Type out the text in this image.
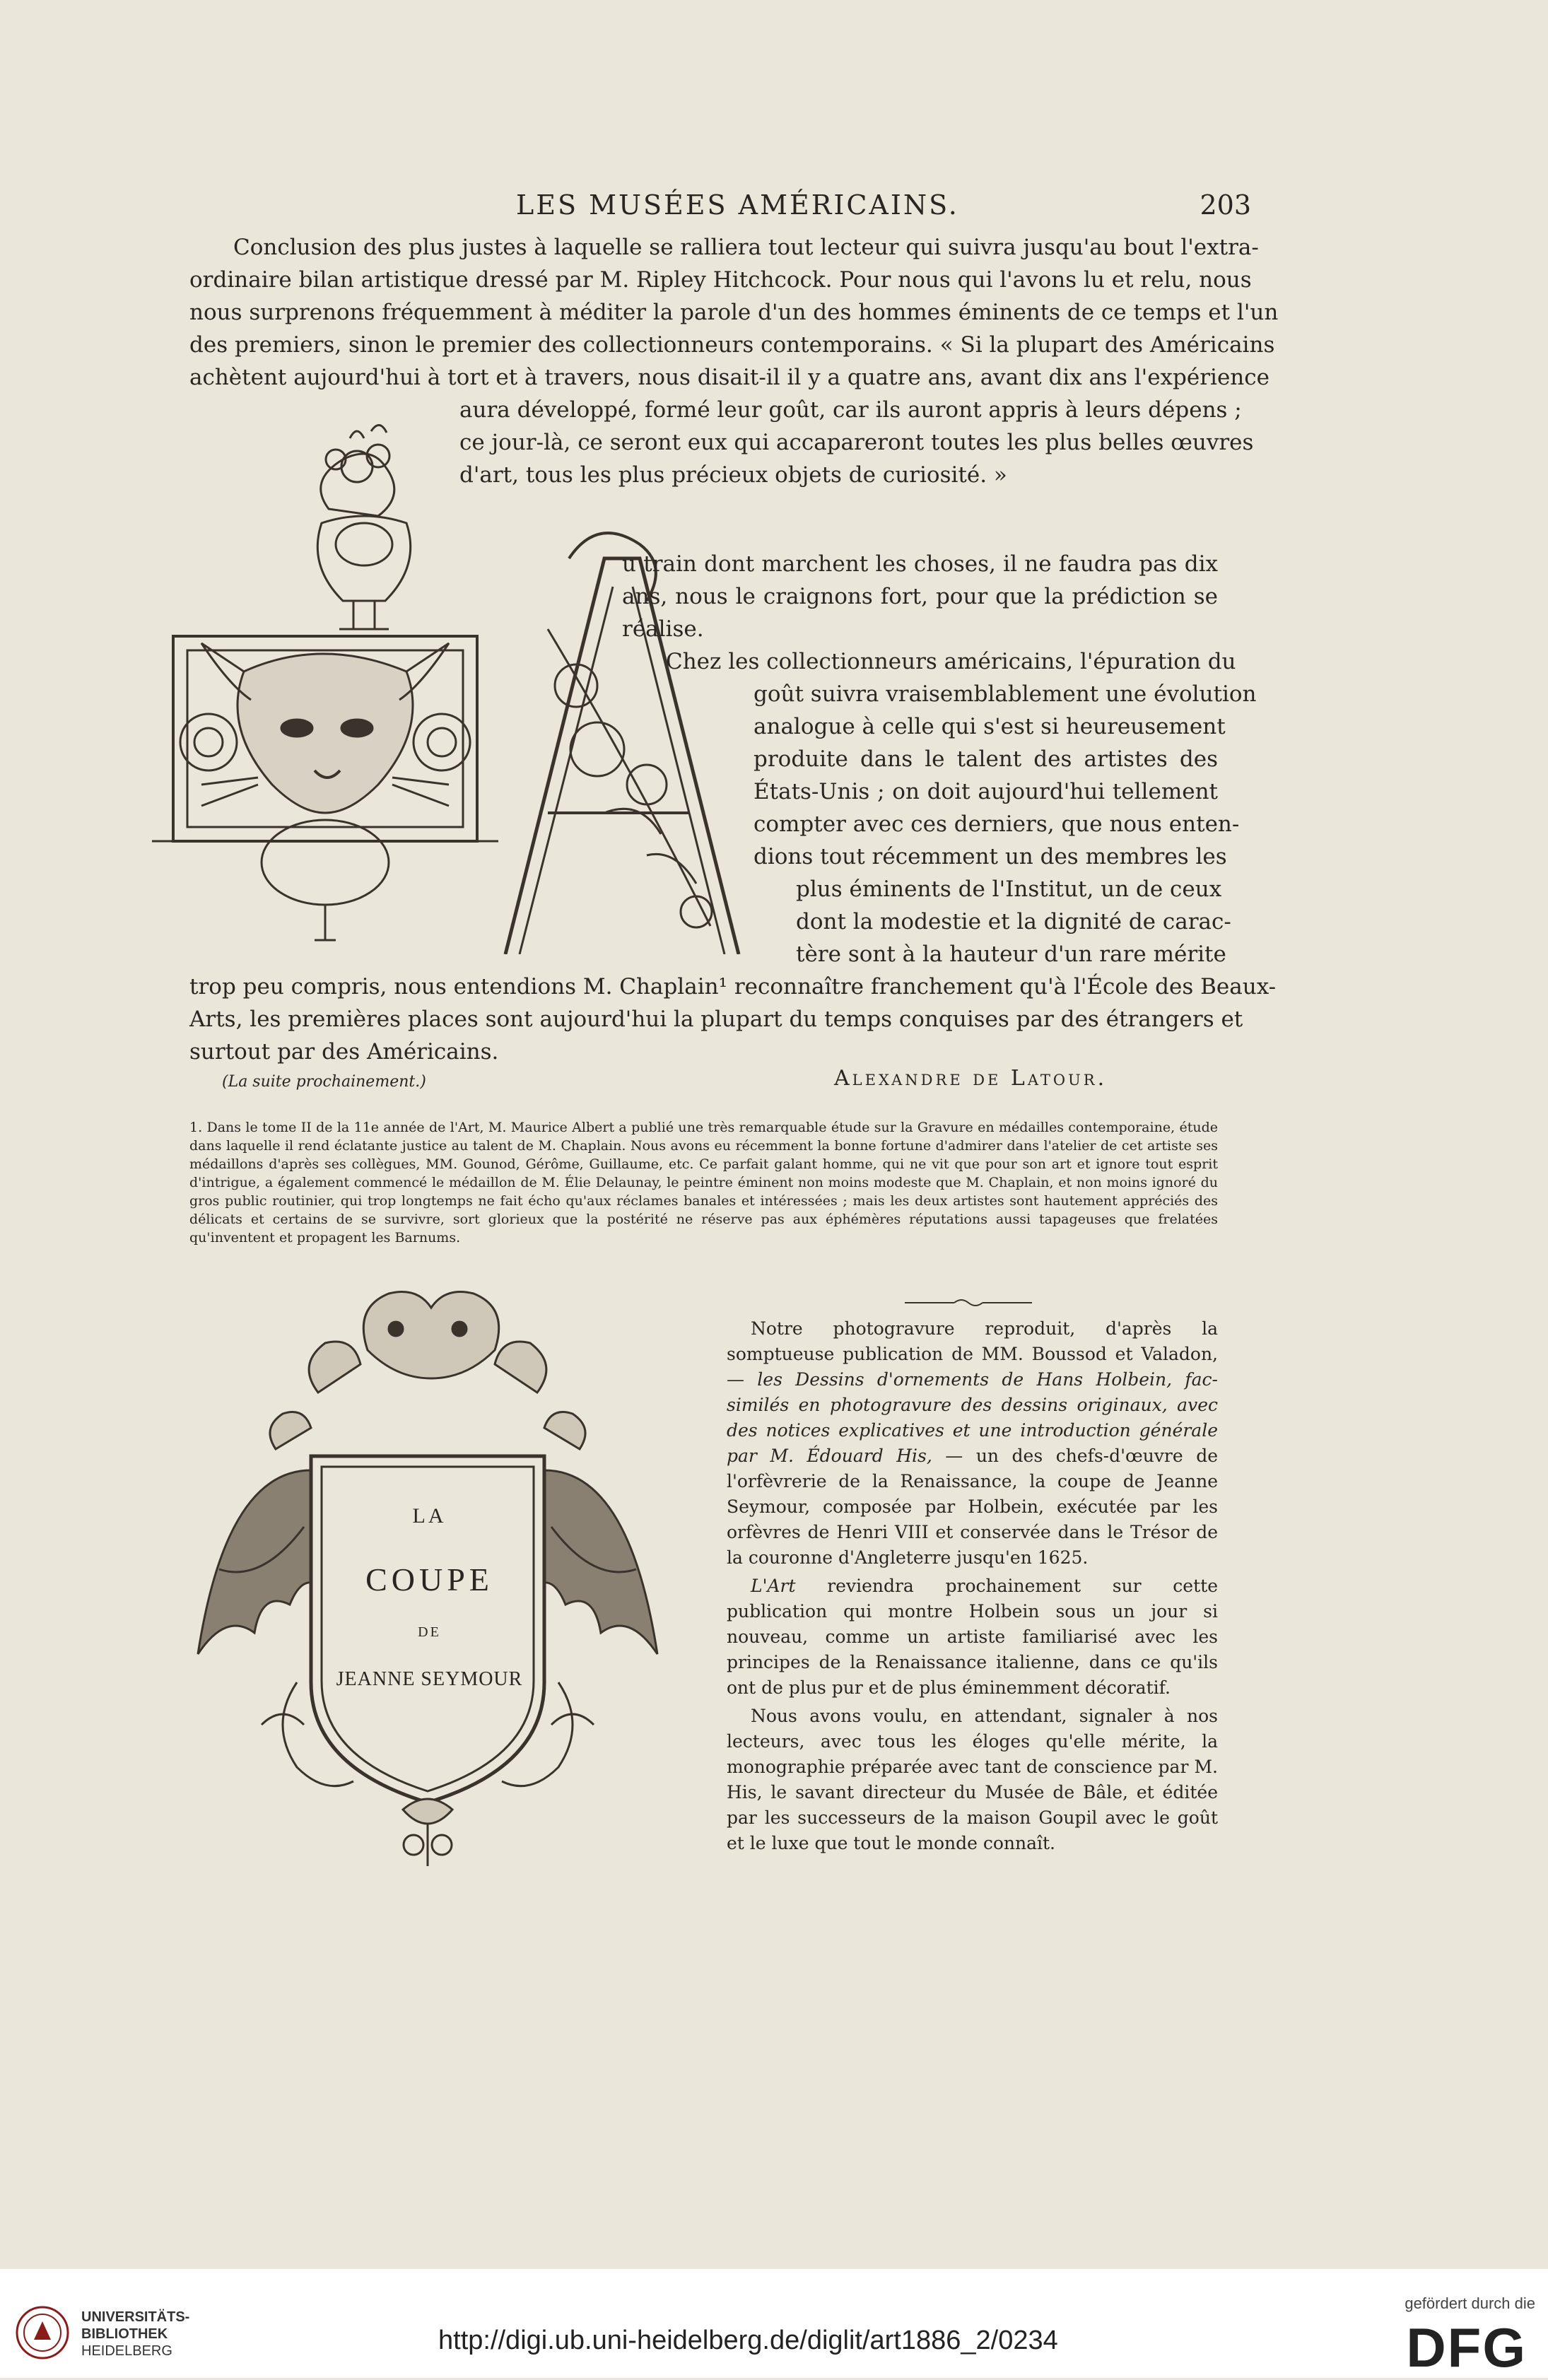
LES MUSÉES AMÉRICAINS.	203
Conclusion des plus justes à laquelle se ralliera tout lecteur qui suivra jusqu'au bout l'extra-
ordinaire bilan artistique dressé par M. Ripley Hitchcock. Pour nous qui l'avons lu et relu, nous
nous surprenons fréquemment à méditer la parole d'un des hommes éminents de ce temps et l'un
des premiers, sinon le premier des collectionneurs contemporains. « Si la plupart des Américains
achètent aujourd'hui à tort et à travers, nous disait-il il y a quatre ans, avant dix ans l'expérience
aura développé, formé leur goût, car ils auront appris à leurs dépens ;
ce jour-là, ce seront eux qui accapareront toutes les plus belles œuvres
d'art, tous les plus précieux objets de curiosité. »
u train dont marchent les choses, il ne faudra pas dix
ans, nous le craignons fort, pour que la prédiction se
réalise.
Chez les collectionneurs américains, l'épuration du
goût suivra vraisemblablement une évolution
analogue à celle qui s'est si heureusement
produite dans le talent des artistes des
États-Unis ; on doit aujourd'hui tellement
compter avec ces derniers, que nous enten-
dions tout récemment un des membres les
plus éminents de l'Institut, un de ceux
dont la modestie et la dignité de carac-
tère sont à la hauteur d'un rare mérite
trop peu compris, nous entendions M. Chaplain¹ reconnaître franchement qu'à l'École des Beaux-
Arts, les premières places sont aujourd'hui la plupart du temps conquises par des étrangers et
surtout par des Américains.
(La suite prochainement.)	Alexandre de Latour.

1. Dans le tome II de la 11e année de l'Art, M. Maurice Albert a publié une très remarquable étude sur la Gravure en médailles contemporaine, étude dans laquelle il rend éclatante justice au talent de M. Chaplain. Nous avons eu récemment la bonne fortune d'admirer dans l'atelier de cet artiste ses médaillons d'après ses collègues, MM. Gounod, Gérôme, Guillaume, etc. Ce parfait galant homme, qui ne vit que pour son art et ignore tout esprit d'intrigue, a également commencé le médaillon de M. Élie Delaunay, le peintre éminent non moins modeste que M. Chaplain, et non moins ignoré du gros public routinier, qui trop longtemps ne fait écho qu'aux réclames banales et intéressées ; mais les deux artistes sont hautement appréciés des délicats et certains de se survivre, sort glorieux que la postérité ne réserve pas aux éphémères réputations aussi tapageuses que frelatées qu'inventent et propagent les Barnums.

LA
COUPE
DE
JEANNE SEYMOUR

Notre photogravure reproduit, d'après la somptueuse publication de MM. Boussod et Valadon, — les Dessins d'ornements de Hans Holbein, fac-similés en photogravure des dessins originaux, avec des notices explicatives et une introduction générale par M. Édouard His, — un des chefs-d'œuvre de l'orfèvrerie de la Renaissance, la coupe de Jeanne Seymour, composée par Holbein, exécutée par les orfèvres de Henri VIII et conservée dans le Trésor de la couronne d'Angleterre jusqu'en 1625.

L'Art reviendra prochainement sur cette publication qui montre Holbein sous un jour si nouveau, comme un artiste familiarisé avec les principes de la Renaissance italienne, dans ce qu'ils ont de plus pur et de plus éminemment décoratif.

Nous avons voulu, en attendant, signaler à nos lecteurs, avec tous les éloges qu'elle mérite, la monographie préparée avec tant de conscience par M. His, le savant directeur du Musée de Bâle, et éditée par les successeurs de la maison Goupil avec le goût et le luxe que tout le monde connaît.

UNIVERSITÄTS-
BIBLIOTHEK
HEIDELBERG	http://digi.ub.uni-heidelberg.de/diglit/art1886_2/0234
gefördert durch die
DFG
